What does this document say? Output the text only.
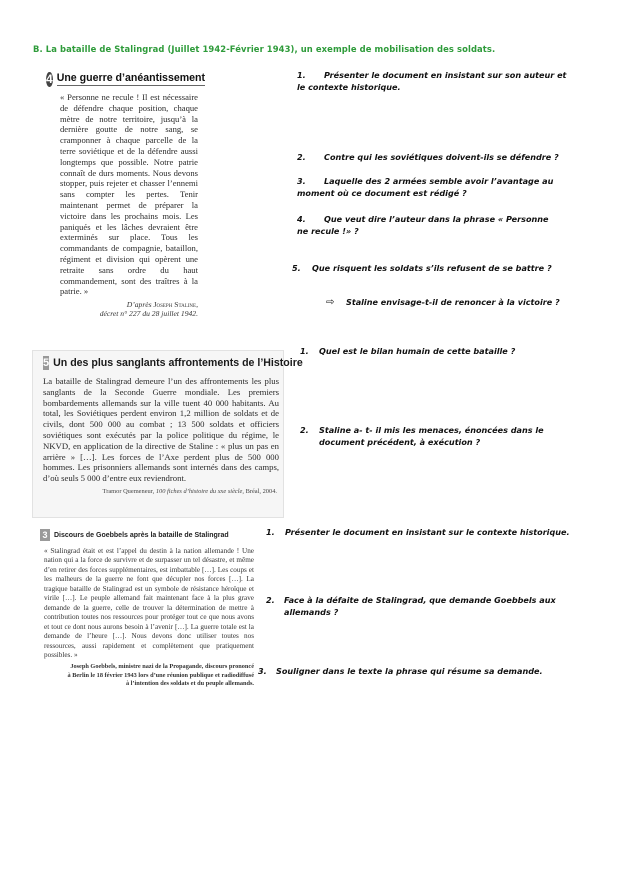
B. La bataille de Stalingrad (Juillet 1942-Février 1943), un exemple de mobilisation des soldats.
4 Une guerre d’anéantissement
« Personne ne recule ! Il est nécessaire de défendre chaque position, chaque mètre de notre territoire, jusqu’à la dernière goutte de notre sang, se cramponner à chaque parcelle de la terre soviétique et de la défendre aussi longtemps que possible. Notre patrie connaît de durs moments. Nous devons stopper, puis rejeter et chasser l’ennemi sans compter les pertes. Tenir maintenant permet de préparer la victoire dans les prochains mois. Les paniqués et les lâches devraient être exterminés sur place. Tous les commandants de compagnie, bataillon, régiment et division qui opèrent une retraite sans ordre du haut commandement, sont des traîtres à la patrie. »
D’après Joseph Staline,
décret n° 227 du 28 juillet 1942.
5 Un des plus sanglants affrontements de l’Histoire
La bataille de Stalingrad demeure l’un des affrontements les plus sanglants de la Seconde Guerre mondiale. Les premiers bombardements allemands sur la ville tuent 40 000 habitants. Au total, les Soviétiques perdent environ 1,2 million de soldats et de civils, dont 500 000 au combat ; 13 500 soldats et officiers soviétiques sont exécutés par la police politique du régime, le NKVD, en application de la directive de Staline : « plus un pas en arrière » […]. Les forces de l’Axe perdent plus de 500 000 hommes. Les prisonniers allemands sont internés dans des camps, d’où seuls 5 000 d’entre eux reviendront.
Tramor Quemeneur, 100 fiches d’histoire du xxe siècle, Bréal, 2004.
3 Discours de Goebbels après la bataille de Stalingrad
« Stalingrad était et est l’appel du destin à la nation allemande ! Une nation qui a la force de survivre et de surpasser un tel désastre, et même d’en retirer des forces supplémentaires, est imbattable […]. Les coups et les malheurs de la guerre ne font que décupler nos forces […]. La tragique bataille de Stalingrad est un symbole de résistance héroïque et virile […]. Le peuple allemand fait maintenant face à la plus grave demande de la guerre, celle de trouver la détermination de mettre à contribution toutes nos ressources pour protéger tout ce que nous avons et tout ce dont nous aurons besoin à l’avenir […]. La guerre totale est la demande de l’heure […]. Nous devons donc utiliser toutes nos ressources, aussi rapidement et complètement que pratiquement possibles. »
Joseph Goebbels, ministre nazi de la Propagande, discours prononcé
à Berlin le 18 février 1943 lors d’une réunion publique et radiodiffusé
à l’intention des soldats et du peuple allemands.
1. Présenter le document en insistant sur son auteur et le contexte historique.
2. Contre qui les soviétiques doivent-ils se défendre ?
3. Laquelle des 2 armées semble avoir l’avantage au moment où ce document est rédigé ?
4. Que veut dire l’auteur dans la phrase « Personne ne recule !» ?
5. Que risquent les soldats s’ils refusent de se battre ?
⇨ Staline envisage-t-il de renoncer à la victoire ?
1. Quel est le bilan humain de cette bataille ?
2. Staline a- t- il mis les menaces, énoncées dans le document précédent, à exécution ?
1. Présenter le document en insistant sur le contexte historique.
2. Face à la défaite de Stalingrad, que demande Goebbels aux allemands ?
3. Souligner dans le texte la phrase qui résume sa demande.
